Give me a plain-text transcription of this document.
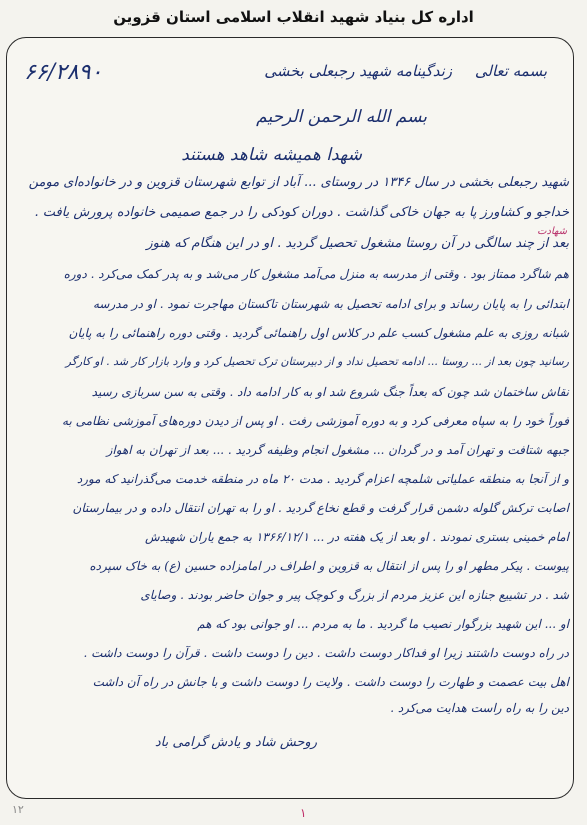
اداره کل بنیاد شهید انقلاب اسلامی استان قزوین
۶۶/۲۸۹۰	بسمه تعالی
زندگینامه شهید رجبعلی بخشی
بسم الله الرحمن الرحیم
شهدا همیشه شاهد هستند
شهید رجبعلی بخشی در سال ۱۳۴۶ در روستای ... آباد از توابع شهرستان قزوین و در خانواده‌ای مومن
خداجو و کشاورز پا به جهان خاکی گذاشت . دوران کودکی را در جمع صمیمی خانواده پرورش یافت .
بعد از چند سالگی در آن روستا مشغول تحصیل گردید . او در این هنگام که هنوز
هم شاگرد ممتاز بود . وقتی از مدرسه به منزل می‌آمد مشغول کار می‌شد و به پدر کمک می‌کرد . دوره
ابتدائی را به پایان رساند و برای ادامه تحصیل به شهرستان تاکستان مهاجرت نمود . او در مدرسه
شبانه روزی به علم مشغول کسب علم در کلاس اول راهنمائی گردید . وقتی دوره راهنمائی را به پایان
رسانید چون بعد از ... روستا ... ادامه تحصیل نداد و از دبیرستان ترک تحصیل کرد و وارد بازار کار شد . او کارگر
نقاش ساختمان شد چون که بعداً جنگ شروع شد او به کار ادامه داد . وقتی به سن سربازی رسید
فوراً خود را به سپاه معرفی کرد و به دوره آموزشی رفت . او پس از دیدن دوره‌های آموزشی نظامی به
جبهه شتافت و تهران آمد و در گردان ... مشغول انجام وظیفه گردید . ... بعد از تهران به اهواز
و از آنجا به منطقه عملیاتی شلمچه اعزام گردید . مدت ۲۰ ماه در منطقه خدمت می‌گذرانید که مورد
اصابت ترکش گلوله دشمن قرار گرفت و قطع نخاع گردید . او را به تهران انتقال داده و در بیمارستان
امام خمینی بستری نمودند . او بعد از یک هفته در ... ۱۳۶۶/۱۲/۱ به جمع یاران شهیدش
پیوست . پیکر مطهر او را پس از انتقال به قزوین و اطراف در امامزاده حسین (ع) به خاک سپرده
شد . در تشییع جنازه این عزیز مردم از بزرگ و کوچک پیر و جوان حاضر بودند . وصایای
او ... این شهید بزرگوار نصیب ما گردید . ما به مردم ... او جوانی بود که هم
در راه دوست داشتند زیرا او فداکار دوست داشت . دین را دوست داشت . قرآن را دوست داشت .
اهل بیت عصمت و طهارت را دوست داشت . ولایت را دوست داشت و با جانش در راه آن داشت
دین را به راه راست هدایت می‌کرد .
روحش شاد و یادش گرامی باد
شهادت
۱
۱۲
